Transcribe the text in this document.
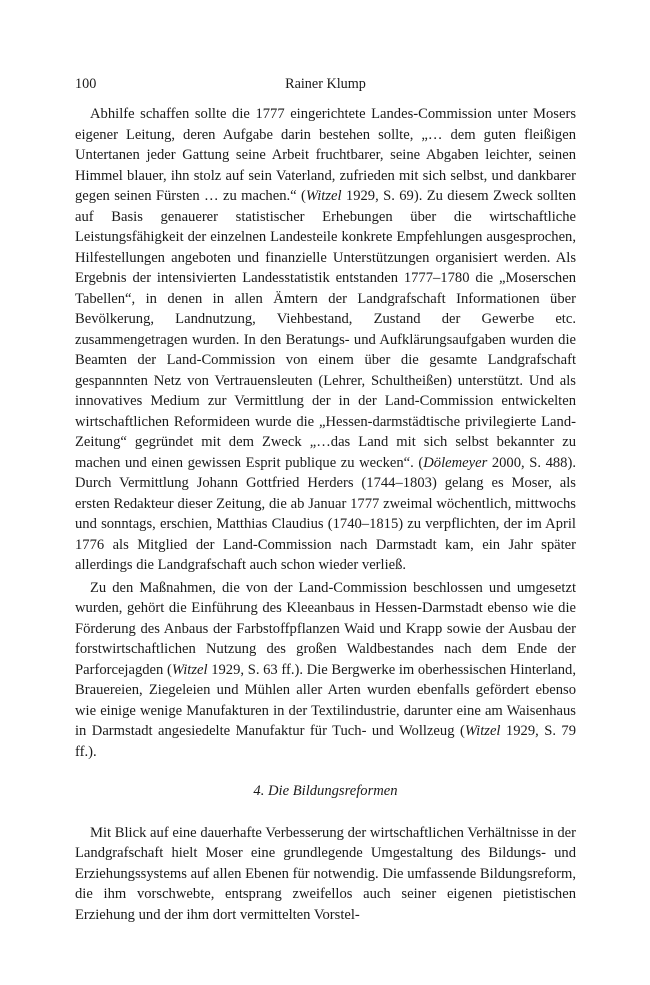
100	Rainer Klump

Abhilfe schaffen sollte die 1777 eingerichtete Landes-Commission unter Mosers eigener Leitung, deren Aufgabe darin bestehen sollte, „… dem guten fleißigen Untertanen jeder Gattung seine Arbeit fruchtbarer, seine Abgaben leichter, seinen Himmel blauer, ihn stolz auf sein Vaterland, zufrieden mit sich selbst, und dankbarer gegen seinen Fürsten … zu machen.“ (Witzel 1929, S. 69). Zu diesem Zweck sollten auf Basis genauerer statistischer Erhebungen über die wirtschaftliche Leistungsfähigkeit der einzelnen Landesteile konkrete Empfehlungen ausgesprochen, Hilfestellungen angeboten und finanzielle Unterstützungen organisiert werden. Als Ergebnis der intensivierten Landesstatistik entstanden 1777–1780 die „Moserschen Tabellen“, in denen in allen Ämtern der Landgrafschaft Informationen über Bevölkerung, Landnutzung, Viehbestand, Zustand der Gewerbe etc. zusammengetragen wurden. In den Beratungs- und Aufklärungsaufgaben wurden die Beamten der Land-Commission von einem über die gesamte Landgrafschaft gespannnten Netz von Vertrauensleuten (Lehrer, Schultheißen) unterstützt. Und als innovatives Medium zur Vermittlung der in der Land-Commission entwickelten wirtschaftlichen Reformideen wurde die „Hessen-darmstädtische privilegierte Land-Zeitung“ gegründet mit dem Zweck „…das Land mit sich selbst bekannter zu machen und einen gewissen Esprit publique zu wecken“. (Dölemeyer 2000, S. 488). Durch Vermittlung Johann Gottfried Herders (1744–1803) gelang es Moser, als ersten Redakteur dieser Zeitung, die ab Januar 1777 zweimal wöchentlich, mittwochs und sonntags, erschien, Matthias Claudius (1740–1815) zu verpflichten, der im April 1776 als Mitglied der Land-Commission nach Darmstadt kam, ein Jahr später allerdings die Landgrafschaft auch schon wieder verließ.

Zu den Maßnahmen, die von der Land-Commission beschlossen und umgesetzt wurden, gehört die Einführung des Kleeanbaus in Hessen-Darmstadt ebenso wie die Förderung des Anbaus der Farbstoffpflanzen Waid und Krapp sowie der Ausbau der forstwirtschaftlichen Nutzung des großen Waldbestandes nach dem Ende der Parforcejagden (Witzel 1929, S. 63 ff.). Die Bergwerke im oberhessischen Hinterland, Brauereien, Ziegeleien und Mühlen aller Arten wurden ebenfalls gefördert ebenso wie einige wenige Manufakturen in der Textilindustrie, darunter eine am Waisenhaus in Darmstadt angesiedelte Manufaktur für Tuch- und Wollzeug (Witzel 1929, S. 79 ff.).

4. Die Bildungsreformen

Mit Blick auf eine dauerhafte Verbesserung der wirtschaftlichen Verhältnisse in der Landgrafschaft hielt Moser eine grundlegende Umgestaltung des Bildungs- und Erziehungssystems auf allen Ebenen für notwendig. Die umfassende Bildungsreform, die ihm vorschwebte, entsprang zweifellos auch seiner eigenen pietistischen Erziehung und der ihm dort vermittelten Vorstel-
